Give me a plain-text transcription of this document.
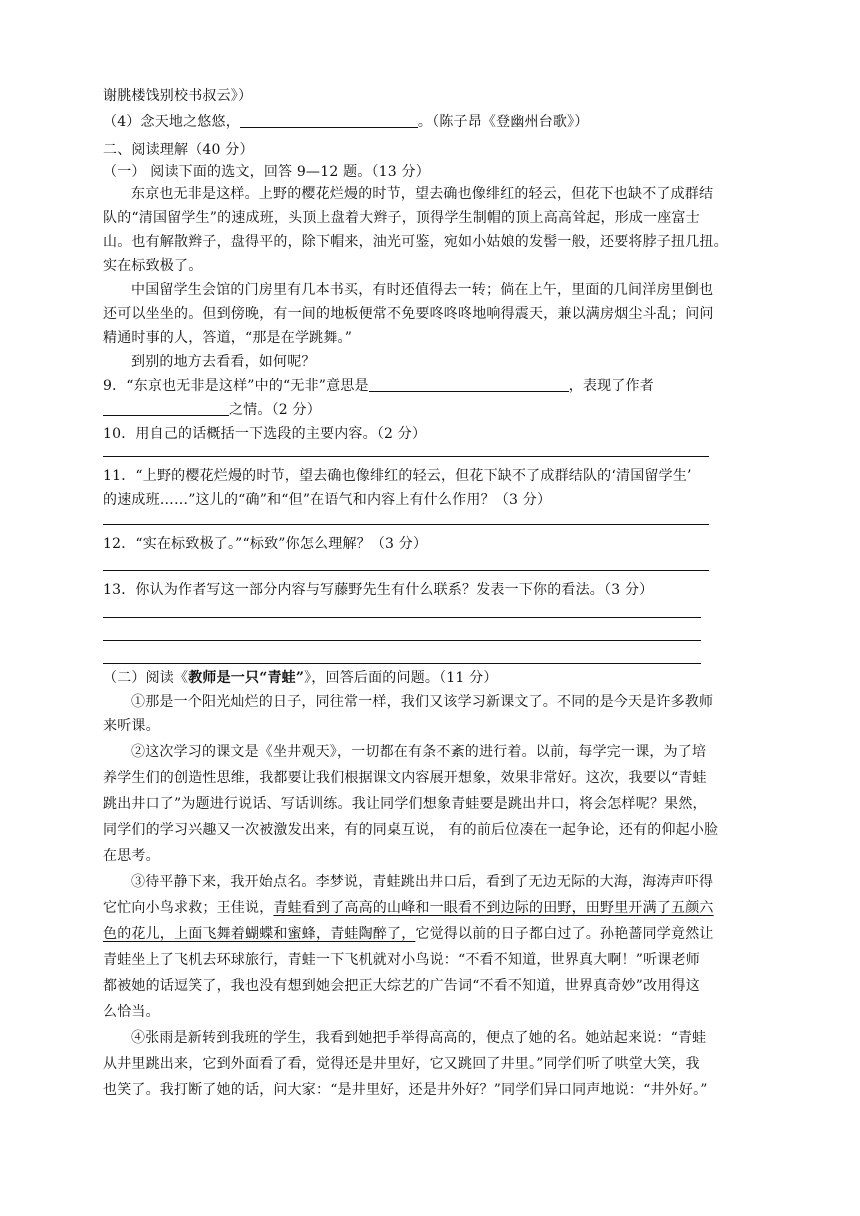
谢朓楼饯别校书叔云》）
（4）念天地之悠悠，	。（陈子昂《登幽州台歌》）
二、阅读理解（40 分）
（一） 阅读下面的选文，回答 9—12 题。（13 分）
东京也无非是这样。上野的樱花烂熳的时节，望去确也像绯红的轻云，但花下也缺不了成群结
队的“清国留学生”的速成班，头顶上盘着大辫子，顶得学生制帽的顶上高高耸起，形成一座富士
山。也有解散辫子，盘得平的，除下帽来，油光可鉴，宛如小姑娘的发髻一般，还要将脖子扭几扭。
实在标致极了。
中国留学生会馆的门房里有几本书买，有时还值得去一转；倘在上午，里面的几间洋房里倒也
还可以坐坐的。但到傍晚，有一间的地板便常不免要咚咚咚地响得震天，兼以满房烟尘斗乱；问问
精通时事的人，答道，“那是在学跳舞。”
到别的地方去看看，如何呢？
9．“东京也无非是这样”中的“无非”意思是	，表现了作者
之情。（2 分）
10．用自己的话概括一下选段的主要内容。（2 分）
11．“上野的樱花烂熳的时节，望去确也像绯红的轻云，但花下缺不了成群结队的‘清国留学生’
的速成班……”这儿的“确”和“但”在语气和内容上有什么作用？（3 分）
12．“实在标致极了。”“标致”你怎么理解？（3 分）
13．你认为作者写这一部分内容与写藤野先生有什么联系？发表一下你的看法。（3 分）
（二）阅读《教师是一只“青蛙”》，回答后面的问题。（11 分）
①那是一个阳光灿烂的日子，同往常一样，我们又该学习新课文了。不同的是今天是许多教师
来听课。
②这次学习的课文是《坐井观天》，一切都在有条不紊的进行着。以前，每学完一课，为了培
养学生们的创造性思维，我都要让我们根据课文内容展开想象，效果非常好。这次，我要以“青蛙
跳出井口了”为题进行说话、写话训练。我让同学们想象青蛙要是跳出井口，将会怎样呢？果然，
同学们的学习兴趣又一次被激发出来，有的同桌互说， 有的前后位凑在一起争论，还有的仰起小脸
在思考。
③待平静下来，我开始点名。李梦说，青蛙跳出井口后，看到了无边无际的大海，海涛声吓得
它忙向小鸟求救；王佳说，青蛙看到了高高的山峰和一眼看不到边际的田野，田野里开满了五颜六
色的花儿，上面飞舞着蝴蝶和蜜蜂，青蛙陶醉了，它觉得以前的日子都白过了。孙艳蔷同学竟然让
青蛙坐上了飞机去环球旅行，青蛙一下飞机就对小鸟说：“不看不知道，世界真大啊！”听课老师
都被她的话逗笑了，我也没有想到她会把正大综艺的广告词“不看不知道，世界真奇妙”改用得这
么恰当。
④张雨是新转到我班的学生，我看到她把手举得高高的，便点了她的名。她站起来说：“青蛙
从井里跳出来，它到外面看了看，觉得还是井里好，它又跳回了井里。”同学们听了哄堂大笑，我
也笑了。我打断了她的话，问大家：“是井里好，还是井外好？”同学们异口同声地说：“井外好。”
